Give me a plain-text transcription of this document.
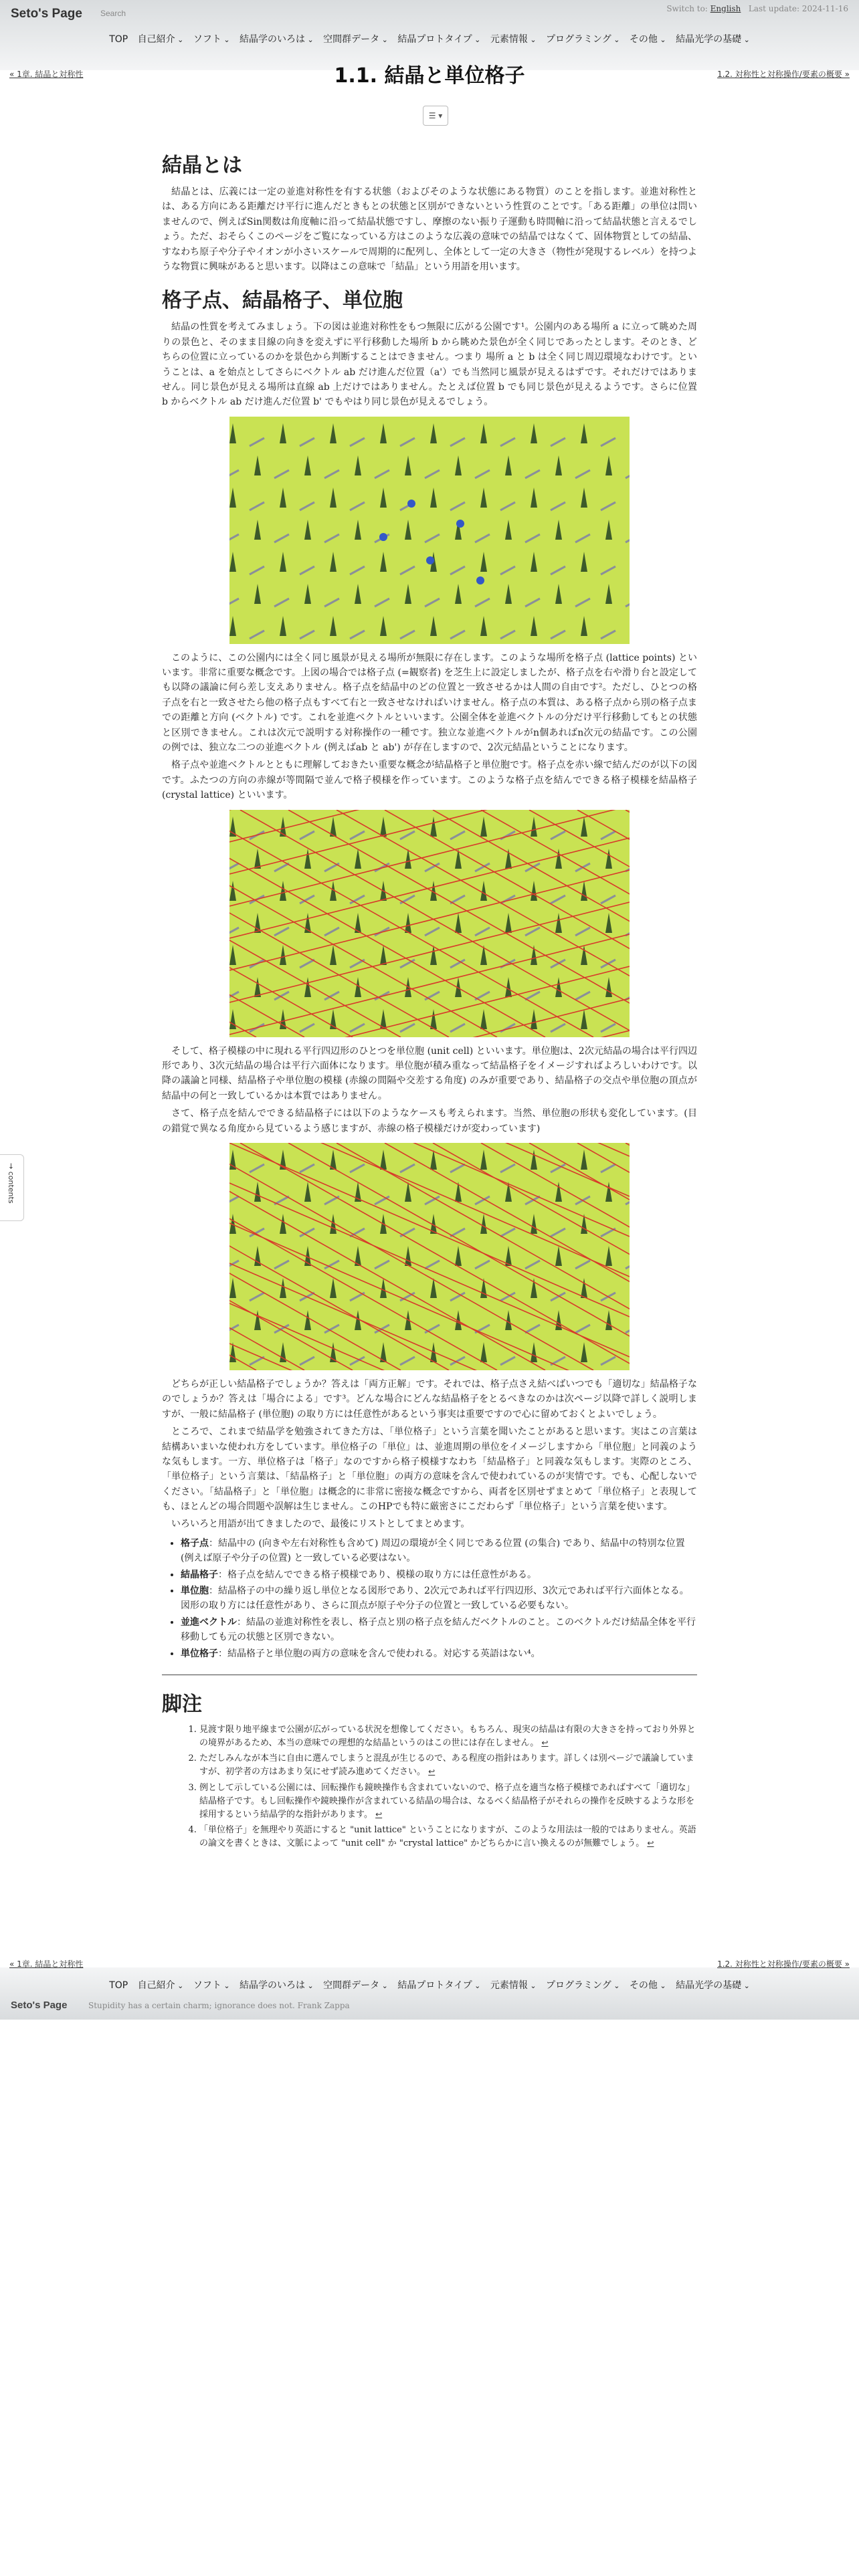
Seto's Page Search	Switch to: English Last update: 2024-11-16
TOP 自己紹介 ⌄ ソフト ⌄ 結晶学のいろは ⌄ 空間群データ ⌄ 結晶プロトタイプ ⌄ 元素情報 ⌄ プログラミング ⌄ その他 ⌄ 結晶光学の基礎 ⌄
« 1章. 結晶と対称性	1.2. 対称性と対称操作/要素の概要 »
1.1. 結晶と単位格子
☰ ▾
→ contents
結晶とは

結晶とは、広義には一定の並進対称性を有する状態（およびそのような状態にある物質）のことを指します。並進対称性とは、ある方向にある距離だけ平行に進んだときもとの状態と区別ができないという性質のことです。「ある距離」の単位は問いませんので、例えばSin関数は角度軸に沿って結晶状態ですし、摩擦のない振り子運動も時間軸に沿って結晶状態と言えるでしょう。ただ、おそらくこのページをご覧になっている方はこのような広義の意味での結晶ではなくて、固体物質としての結晶、すなわち原子や分子やイオンが小さいスケールで周期的に配列し、全体として一定の大きさ（物性が発現するレベル）を持つような物質に興味があると思います。以降はこの意味で「結晶」という用語を用います。

格子点、結晶格子、単位胞

結晶の性質を考えてみましょう。下の図は並進対称性をもつ無限に広がる公園です¹。公園内のある場所 a に立って眺めた周りの景色と、そのまま目線の向きを変えずに平行移動した場所 b から眺めた景色が全く同じであったとします。そのとき、どちらの位置に立っているのかを景色から判断することはできません。つまり 場所 a と b は全く同じ周辺環境なわけです。ということは、a を始点としてさらにベクトル ab だけ進んだ位置（a'）でも当然同じ風景が見えるはずです。それだけではありません。同じ景色が見える場所は直線 ab 上だけではありません。たとえば位置 b でも同じ景色が見えるようです。さらに位置 b からベクトル ab だけ進んだ位置 b' でもやはり同じ景色が見えるでしょう。

このように、この公園内には全く同じ風景が見える場所が無限に存在します。このような場所を格子点 (lattice points) といいます。非常に重要な概念です。上図の場合では格子点 (=観察者) を芝生上に設定しましたが、格子点を右や滑り台と設定しても以降の議論に何ら差し支えありません。格子点を結晶中のどの位置と一致させるかは人間の自由です²。ただし、ひとつの格子点を右と一致させたら他の格子点もすべて右と一致させなければいけません。格子点の本質は、ある格子点から別の格子点までの距離と方向 (ベクトル) です。これを並進ベクトルといいます。公園全体を並進ベクトルの分だけ平行移動してもとの状態と区別できません。これは次元で説明する対称操作の一種です。独立な並進ベクトルがn個あればn次元の結晶です。この公園の例では、独立な二つの並進ベクトル (例えばab と ab') が存在しますので、2次元結晶ということになります。

格子点や並進ベクトルとともに理解しておきたい重要な概念が結晶格子と単位胞です。格子点を赤い線で結んだのが以下の図です。ふたつの方向の赤線が等間隔で並んで格子模様を作っています。このような格子点を結んでできる格子模様を結晶格子 (crystal lattice) といいます。

そして、格子模様の中に現れる平行四辺形のひとつを単位胞 (unit cell) といいます。単位胞は、2次元結晶の場合は平行四辺形であり、3次元結晶の場合は平行六面体になります。単位胞が積み重なって結晶格子をイメージすればよろしいわけです。以降の議論と同様、結晶格子や単位胞の模様 (赤線の間隔や交差する角度) のみが重要であり、結晶格子の交点や単位胞の頂点が結晶中の何と一致しているかは本質ではありません。

さて、格子点を結んでできる結晶格子には以下のようなケースも考えられます。当然、単位胞の形状も変化しています。(目の錯覚で異なる角度から見ているよう感じますが、赤線の格子模様だけが変わっています)

どちらが正しい結晶格子でしょうか？答えは「両方正解」です。それでは、格子点さえ結べばいつでも「適切な」結晶格子なのでしょうか？答えは「場合による」です³。どんな場合にどんな結晶格子をとるべきなのかは次ページ以降で詳しく説明しますが、一般に結晶格子 (単位胞) の取り方には任意性があるという事実は重要ですので心に留めておくとよいでしょう。

ところで、これまで結晶学を勉強されてきた方は、「単位格子」という言葉を聞いたことがあると思います。実はこの言葉は結構あいまいな使われ方をしています。単位格子の「単位」は、並進周期の単位をイメージしますから「単位胞」と同義のような気もします。一方、単位格子は「格子」なのですから格子模様すなわち「結晶格子」と同義な気もします。実際のところ、「単位格子」という言葉は、「結晶格子」と「単位胞」の両方の意味を含んで使われているのが実情です。でも、心配しないでください。「結晶格子」と「単位胞」は概念的に非常に密接な概念ですから、両者を区別せずまとめて「単位格子」と表現しても、ほとんどの場合問題や誤解は生じません。このHPでも特に厳密さにこだわらず「単位格子」という言葉を使います。

いろいろと用語が出てきましたので、最後にリストとしてまとめます。

• 格子点：結晶中の (向きや左右対称性も含めて) 周辺の環境が全く同じである位置 (の集合) であり、結晶中の特別な位置 (例えば原子や分子の位置) と一致している必要はない。
• 結晶格子：格子点を結んでできる格子模様であり、模様の取り方には任意性がある。
• 単位胞：結晶格子の中の繰り返し単位となる図形であり、2次元であれば平行四辺形、3次元であれば平行六面体となる。図形の取り方には任意性があり、さらに頂点が原子や分子の位置と一致している必要もない。
• 並進ベクトル：結晶の並進対称性を表し、格子点と別の格子点を結んだベクトルのこと。このベクトルだけ結晶全体を平行移動しても元の状態と区別できない。
• 単位格子：結晶格子と単位胞の両方の意味を含んで使われる。対応する英語はない⁴。
脚注
1. 見渡す限り地平線まで公園が広がっている状況を想像してください。もちろん、現実の結晶は有限の大きさを持っており外界との境界があるため、本当の意味での理想的な結晶というのはこの世には存在しません。 ↩
2. ただしみんなが本当に自由に選んでしまうと混乱が生じるので、ある程度の指針はあります。詳しくは別ページで議論していますが、初学者の方はあまり気にせず読み進めてください。 ↩
3. 例として示している公園には、回転操作も鏡映操作も含まれていないので、格子点を適当な格子模様であればすべて「適切な」結晶格子です。もし回転操作や鏡映操作が含まれている結晶の場合は、なるべく結晶格子がそれらの操作を反映するような形を採用するという結晶学的な指針があります。 ↩
4. 「単位格子」を無理やり英語にすると "unit lattice" ということになりますが、このような用法は一般的ではありません。英語の論文を書くときは、文脈によって "unit cell" か "crystal lattice" かどちらかに言い換えるのが無難でしょう。 ↩
« 1章. 結晶と対称性	1.2. 対称性と対称操作/要素の概要 »
TOP 自己紹介 ⌄ ソフト ⌄ 結晶学のいろは ⌄ 空間群データ ⌄ 結晶プロトタイプ ⌄ 元素情報 ⌄ プログラミング ⌄ その他 ⌄ 結晶光学の基礎 ⌄
Seto's Page	Stupidity has a certain charm; ignorance does not. Frank Zappa
